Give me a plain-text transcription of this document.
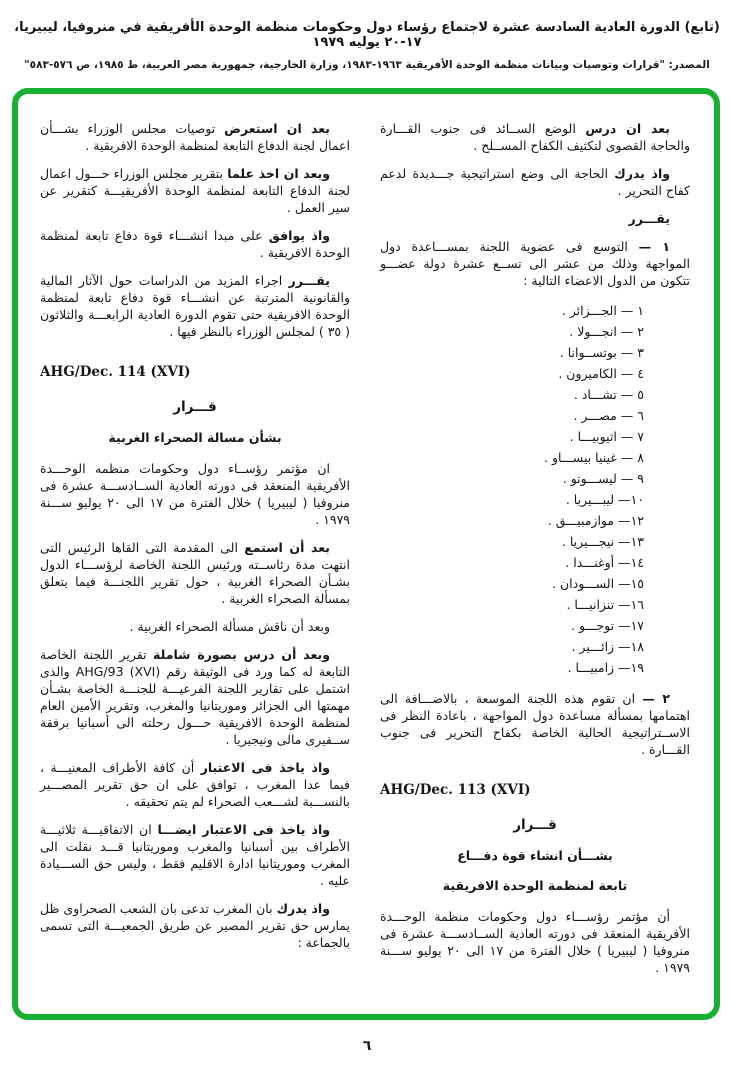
(تابع) الدورة العادية السادسة عشرة لاجتماع رؤساء دول وحكومات منظمة الوحدة الأفريقية في منروفيا، ليبيريا، ١٧-٢٠ يوليه ١٩٧٩
المصدر: "قرارات وتوصيات وبيانات منظمة الوحدة الأفريقية ١٩٦٣-١٩٨٣، وزارة الخارجية، جمهورية مصر العربية، ط ١٩٨٥، ص ٥٧٦-٥٨٣"

بعد ان درس الوضع الســائد فى جنوب القـــارة والحاجة القصوى لتكثيف الكفاح المســلح .

واذ يدرك الحاجة الى وضع استراتيجية جـــديدة لدعم كفاح التحرير .

يقـــرر

١ — التوسع فى عضوية اللجنة بمســـاعدة دول المواجهة وذلك من عشر الى تســع عشرة دولة عضـــو تتكون من الدول الاعضاء التالية :

١ — الجـــزائر .
٢ — انجـــولا .
٣ — بوتســوانا .
٤ — الكاميرون .
٥ — تشـــاد .
٦ — مصـــر .
٧ — اثيوبيـــا .
٨ — غينيا بيســـاو .
٩ — ليســـوتو .
١٠— ليبـــيريا .
١٢— موازمبيـــق .
١٣— نيجـــيريا .
١٤— أوغنـــدا .
١٥— الســـودان .
١٦— تنزانيـــا .
١٧— توجـــو .
١٨— زائـــير .
١٩— زامبيـــا .

٢ — ان تقوم هذه اللجنة الموسعة ، بالاضـــافة الى اهتمامها بمسألة مساعدة دول المواجهة ، باعادة النظر فى الاســتراتيجية الحالية الخاصة بكفاح التحرير فى جنوب القـــارة .

AHG/Dec. 113 (XVI)
قـــرار
بشـــأن انشاء قوة دفـــاع
تابعة لمنظمة الوحدة الافريقية

أن مؤتمر رؤســـاء دول وحكومات منظمة الوحـــدة الأفريقية المنعقد فى دورته العادية الســادســـة عشرة فى منروفيا ( ليبيريا ) خلال الفترة من ١٧ الى ٢٠ يوليو ســـنة ١٩٧٩ .

بعد ان استعرض توصيات مجلس الوزراء بشـــأن اعمال لجنة الدفاع التابعة لمنظمة الوحدة الافريقية .

وبعد ان اخذ علما بتقرير مجلس الوزراء حـــول اعمال لجنة الدفاع التابعة لمنظمة الوحدة الأفريقيـــة كتقرير عن سير العمل .

واذ يوافق على مبدا انشـــاء قوة دفاع تابعة لمنظمة الوحدة الافريقية .

يقـــرر اجراء المزيد من الدراسات حول الآثار المالية والقانونية المترتبة عن انشـــاء قوة دفاع تابعة لمنظمة الوحدة الافريقية حتى تقوم الدورة العادية الرابعـــة والثلاثون ( ٣٥ ) لمجلس الوزراء بالنظر فيها .

AHG/Dec. 114 (XVI)
قـــرار
بشأن مسالة الصحراء الغربية

ان مؤتمر رؤســاء دول وحكومات منظمه الوحـــدة الأفريقية المنعقد فى دورته العادية الســادســـة عشرة فى منروفيا ( ليبيريا ) خلال الفترة من ١٧ الى ٢٠ يوليو ســـنة ١٩٧٩ .

بعد أن استمع الى المقدمة التى القاها الرئيس التى انتهت مدة رئاســته ورئيس اللجنة الخاصة لرؤســـاء الدول بشـأن الصحراء الغربية ، حول تقرير اللجنـــة فيما يتعلق بمسألة الصحراء الغربية .

وبعد أن ناقش مسألة الصحراء الغربية .

وبعد أن درس بصورة شاملة تقرير اللجنة الخاصة التابعة له كما ورد فى الوثيقة رقم ⁦AHG/93 (XVI)⁩ والذى اشتمل على تقارير اللجنة الفرعيـــة للجنـــة الخاصة بشـأن مهمتها الى الجزائر وموريتانيا والمغرب، وتقرير الأمين العام لمنظمة الوحدة الافريقية حـــول رحلته الى أسبانيا برفقة ســفيرى مالى ونيجيريا .

واذ ياخذ فى الاعتبار أن كافة الأطراف المعنيـــة ، فيما عدا المغرب ، توافق على ان حق تقرير المصـــير بالنســـبة لشـــعب الصحراء لم يتم تحقيقه .

واذ ياخذ فى الاعتبار ايضـــا ان الاتفاقيـــة ثلاثيـــة الأطراف بين أسبانيا والمغرب وموريتانيا قـــد نقلت الى المغرب وموريتانيا ادارة الاقليم فقط ، وليس حق الســـيادة عليه .

واذ يدرك بان المغرب تدعى بان الشعب الصحراوى ظل يمارس حق تقرير المصير عن طريق الجمعيـــة التى تسمى بالجماعة :

٦
